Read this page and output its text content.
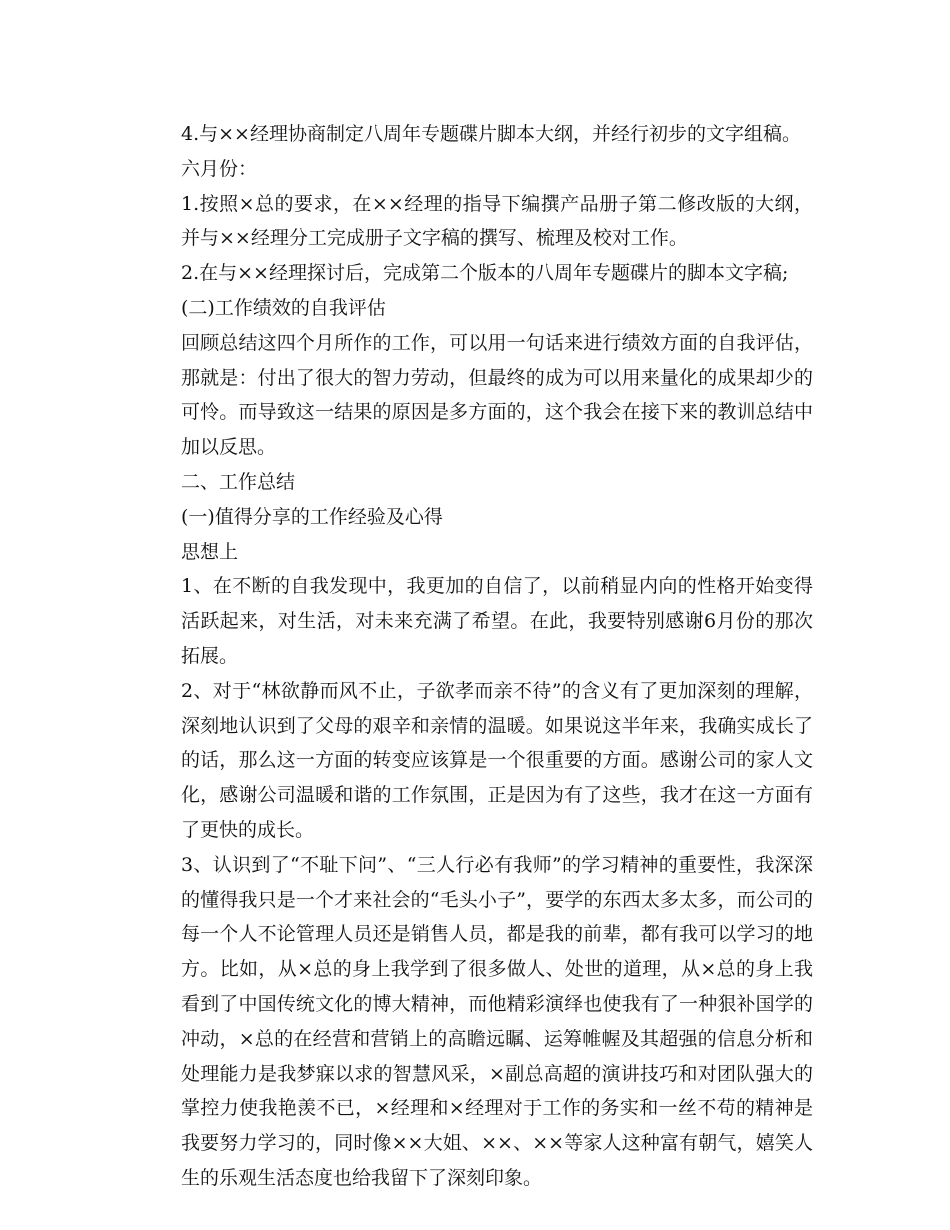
4.与××经理协商制定八周年专题碟片脚本大纲，并经行初步的文字组稿。

六月份：

1.按照×总的要求，在××经理的指导下编撰产品册子第二修改版的大纲，并与××经理分工完成册子文字稿的撰写、梳理及校对工作。

2.在与××经理探讨后，完成第二个版本的八周年专题碟片的脚本文字稿;

(二)工作绩效的自我评估

回顾总结这四个月所作的工作，可以用一句话来进行绩效方面的自我评估，那就是：付出了很大的智力劳动，但最终的成为可以用来量化的成果却少的可怜。而导致这一结果的原因是多方面的，这个我会在接下来的教训总结中加以反思。

二、工作总结

(一)值得分享的工作经验及心得

思想上

1、在不断的自我发现中，我更加的自信了，以前稍显内向的性格开始变得活跃起来，对生活，对未来充满了希望。在此，我要特别感谢6月份的那次拓展。

2、对于“林欲静而风不止，子欲孝而亲不待”的含义有了更加深刻的理解，深刻地认识到了父母的艰辛和亲情的温暖。如果说这半年来，我确实成长了的话，那么这一方面的转变应该算是一个很重要的方面。感谢公司的家人文化，感谢公司温暖和谐的工作氛围，正是因为有了这些，我才在这一方面有了更快的成长。

3、认识到了“不耻下问”、“三人行必有我师”的学习精神的重要性，我深深的懂得我只是一个才来社会的“毛头小子”，要学的东西太多太多，而公司的每一个人不论管理人员还是销售人员，都是我的前辈，都有我可以学习的地方。比如，从×总的身上我学到了很多做人、处世的道理，从×总的身上我看到了中国传统文化的博大精神，而他精彩演绎也使我有了一种狠补国学的冲动，×总的在经营和营销上的高瞻远瞩、运筹帷幄及其超强的信息分析和处理能力是我梦寐以求的智慧风采，×副总高超的演讲技巧和对团队强大的掌控力使我艳羡不已，×经理和×经理对于工作的务实和一丝不苟的精神是我要努力学习的，同时像××大姐、××、××等家人这种富有朝气，嬉笑人生的乐观生活态度也给我留下了深刻印象。
